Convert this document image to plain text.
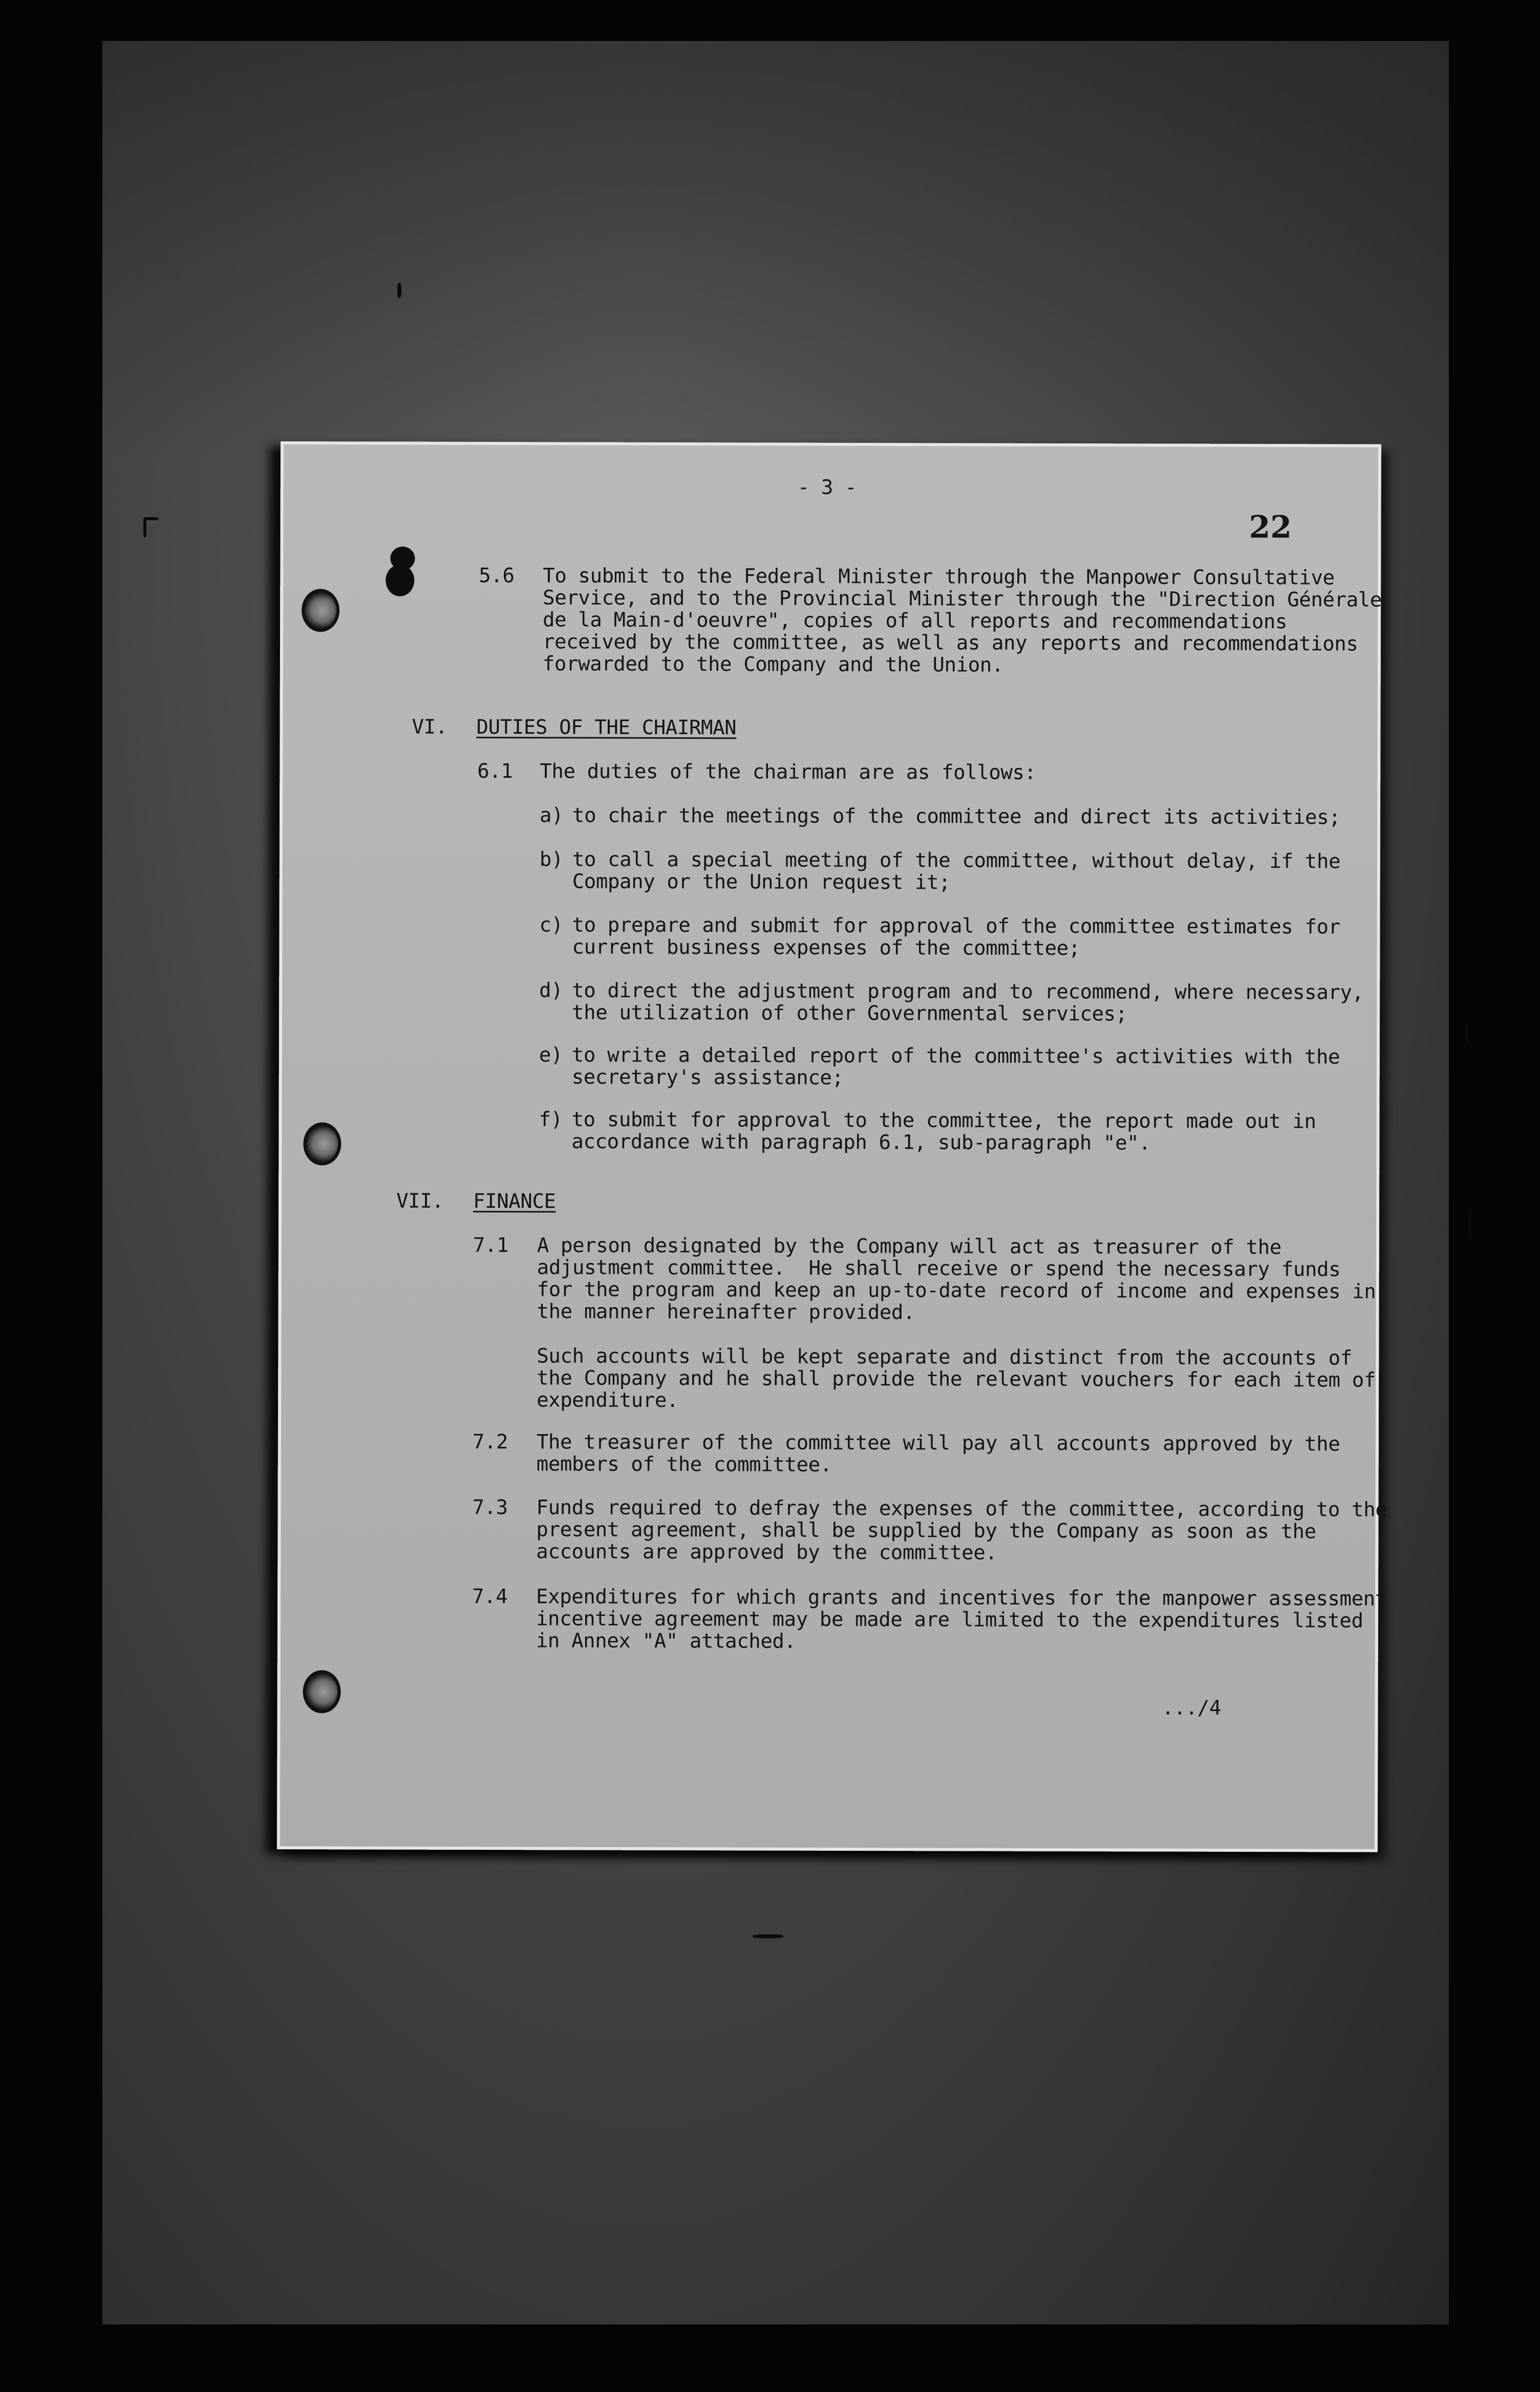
- 3 -
22
5.6 To submit to the Federal Minister through the Manpower Consultative
Service, and to the Provincial Minister through the "Direction Générale
de la Main-d'oeuvre", copies of all reports and recommendations
received by the committee, as well as any reports and recommendations
forwarded to the Company and the Union.
VI. DUTIES OF THE CHAIRMAN
6.1 The duties of the chairman are as follows:
a) to chair the meetings of the committee and direct its activities;
b) to call a special meeting of the committee, without delay, if the
Company or the Union request it;
c) to prepare and submit for approval of the committee estimates for
current business expenses of the committee;
d) to direct the adjustment program and to recommend, where necessary,
the utilization of other Governmental services;
e) to write a detailed report of the committee's activities with the
secretary's assistance;
f) to submit for approval to the committee, the report made out in
accordance with paragraph 6.1, sub-paragraph "e".
VII. FINANCE
7.1 A person designated by the Company will act as treasurer of the
adjustment committee.  He shall receive or spend the necessary funds
for the program and keep an up-to-date record of income and expenses in
the manner hereinafter provided.
Such accounts will be kept separate and distinct from the accounts of
the Company and he shall provide the relevant vouchers for each item of
expenditure.
7.2 The treasurer of the committee will pay all accounts approved by the
members of the committee.
7.3 Funds required to defray the expenses of the committee, according to the
present agreement, shall be supplied by the Company as soon as the
accounts are approved by the committee.
7.4 Expenditures for which grants and incentives for the manpower assessment
incentive agreement may be made are limited to the expenditures listed
in Annex "A" attached.
.../4
